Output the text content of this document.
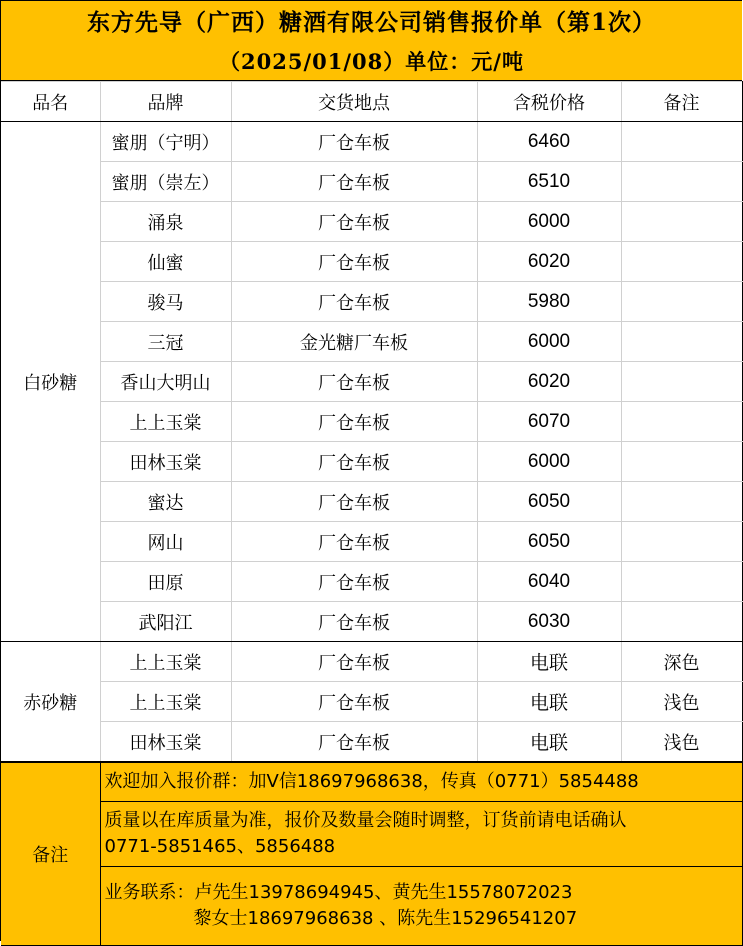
东方先导（广西）糖酒有限公司销售报价单（第1次）
（2025/01/08）单位：元/吨
品名	品牌	交货地点	含税价格	备注
白砂糖	蜜朋（宁明）	厂仓车板	6460	
	蜜朋（崇左）	厂仓车板	6510	
	涌泉	厂仓车板	6000	
	仙蜜	厂仓车板	6020	
	骏马	厂仓车板	5980	
	三冠	金光糖厂车板	6000	
	香山大明山	厂仓车板	6020	
	上上玉棠	厂仓车板	6070	
	田林玉棠	厂仓车板	6000	
	蜜达	厂仓车板	6050	
	网山	厂仓车板	6050	
	田原	厂仓车板	6040	
	武阳江	厂仓车板	6030	
赤砂糖	上上玉棠	厂仓车板	电联	深色
	上上玉棠	厂仓车板	电联	浅色
	田林玉棠	厂仓车板	电联	浅色
备注	
欢迎加入报价群：加V信18697968638，传真（0771）5854488

质量以在库质量为准，报价及数量会随时调整，订货前请电话确认
0771-5851465、5856488

业务联系：卢先生13978694945、黄先生15578072023
黎女士18697968638 、陈先生15296541207
